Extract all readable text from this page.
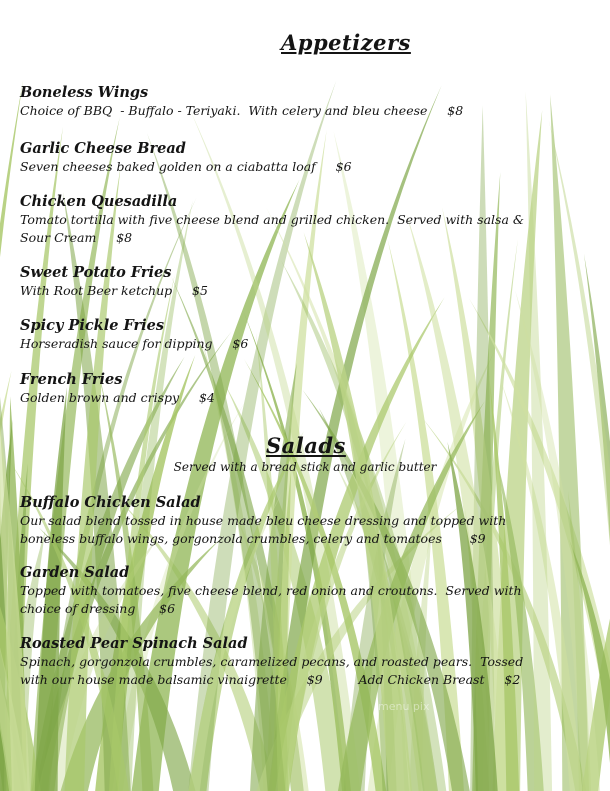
Appetizers
Boneless Wings
Choice of BBQ  - Buffalo - Teriyaki.  With celery and bleu cheese $8
Garlic Cheese Bread
Seven cheeses baked golden on a ciabatta loaf $6
Chicken Quesadilla
Tomato tortilla with five cheese blend and grilled chicken.  Served with salsa &
Sour Cream $8
Sweet Potato Fries
With Root Beer ketchup $5
Spicy Pickle Fries
Horseradish sauce for dipping $6
French Fries
Golden brown and crispy $4
Salads
Served with a bread stick and garlic butter
Buffalo Chicken Salad
Our salad blend tossed in house made bleu cheese dressing and topped with
boneless buffalo wings, gorgonzola crumbles, celery and tomatoes $9
Garden Salad
Topped with tomatoes, five cheese blend, red onion and croutons.  Served with
choice of dressing $6
Roasted Pear Spinach Salad
Spinach, gorgonzola crumbles, caramelized pecans, and roasted pears.  Tossed
with our house made balsamic vinaigrette $9	Add Chicken Breast $2
menu pix
